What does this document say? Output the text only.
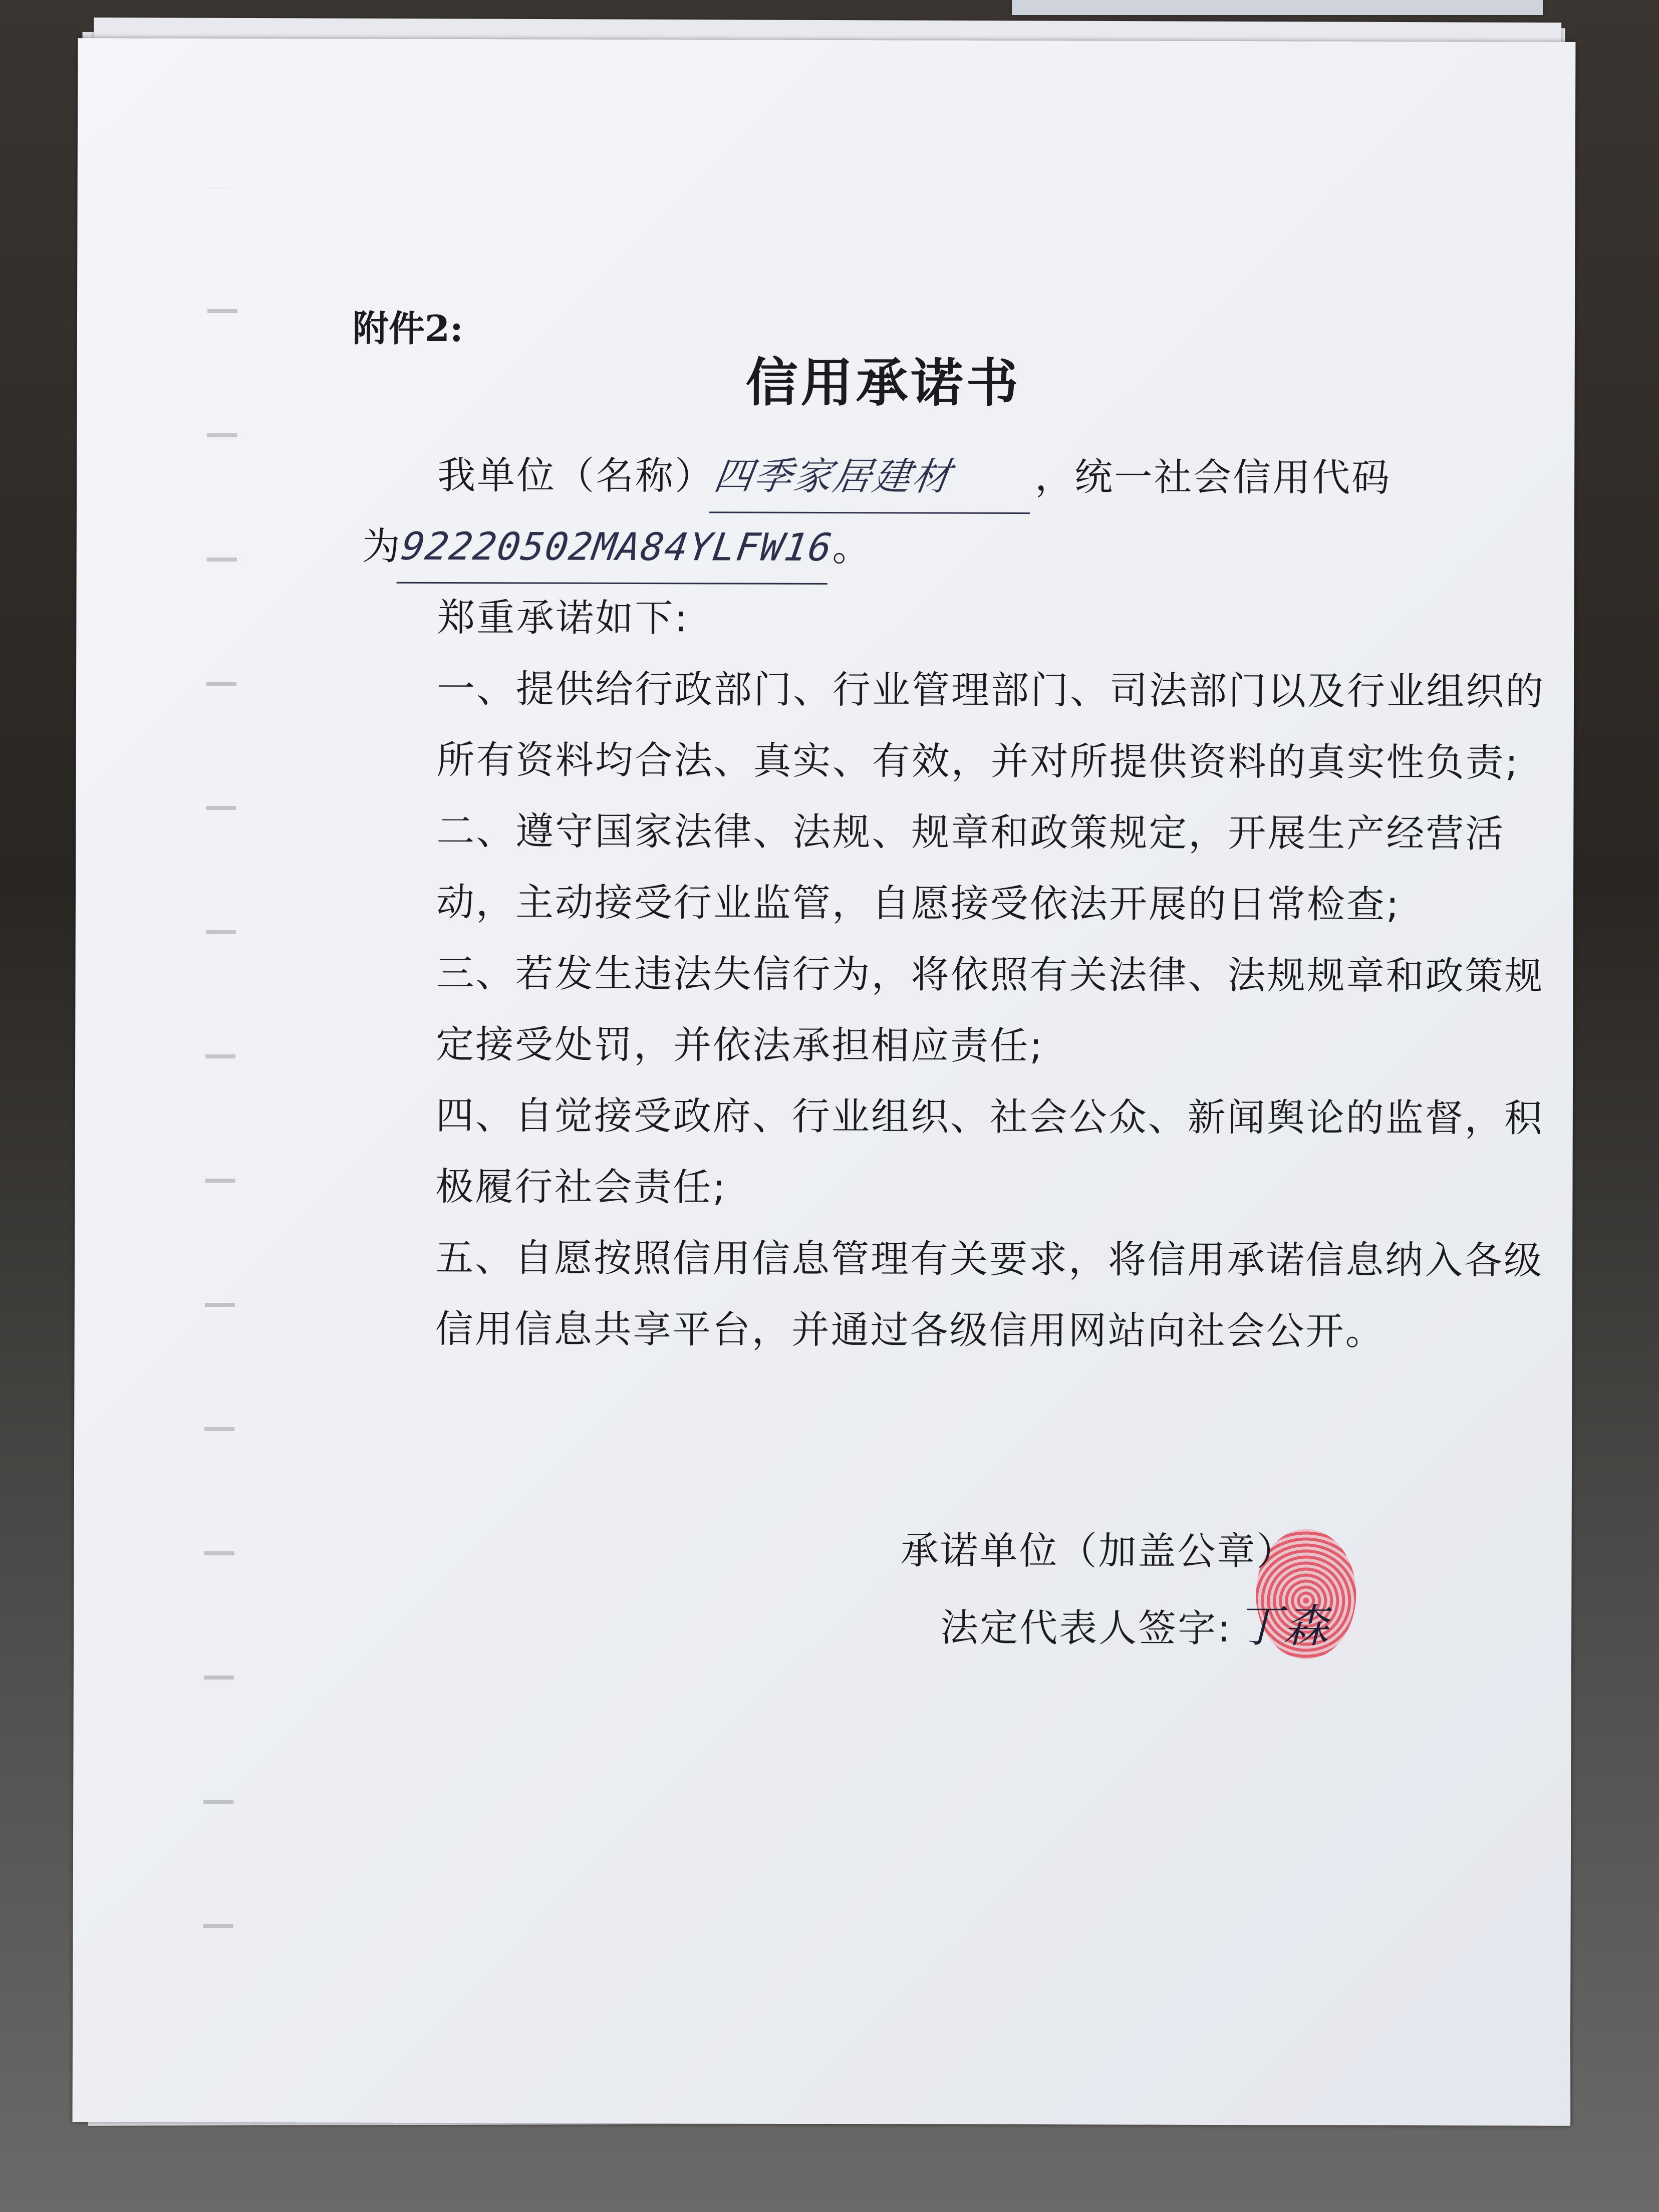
附件2:
信用承诺书
我单位（名称）四季家居建材 ，统一社会信用代码
为92220502MA84YLFW16。
郑重承诺如下:
一、提供给行政部门、行业管理部门、司法部门以及行业组织的所有资料均合法、真实、有效，并对所提供资料的真实性负责;
二、遵守国家法律、法规、规章和政策规定，开展生产经营活动，主动接受行业监管，自愿接受依法开展的日常检查;
三、若发生违法失信行为，将依照有关法律、法规规章和政策规定接受处罚，并依法承担相应责任;
四、自觉接受政府、行业组织、社会公众、新闻舆论的监督，积极履行社会责任;
五、自愿按照信用信息管理有关要求，将信用承诺信息纳入各级信用信息共享平台，并通过各级信用网站向社会公开。
承诺单位（加盖公章）
法定代表人签字: 丁森
